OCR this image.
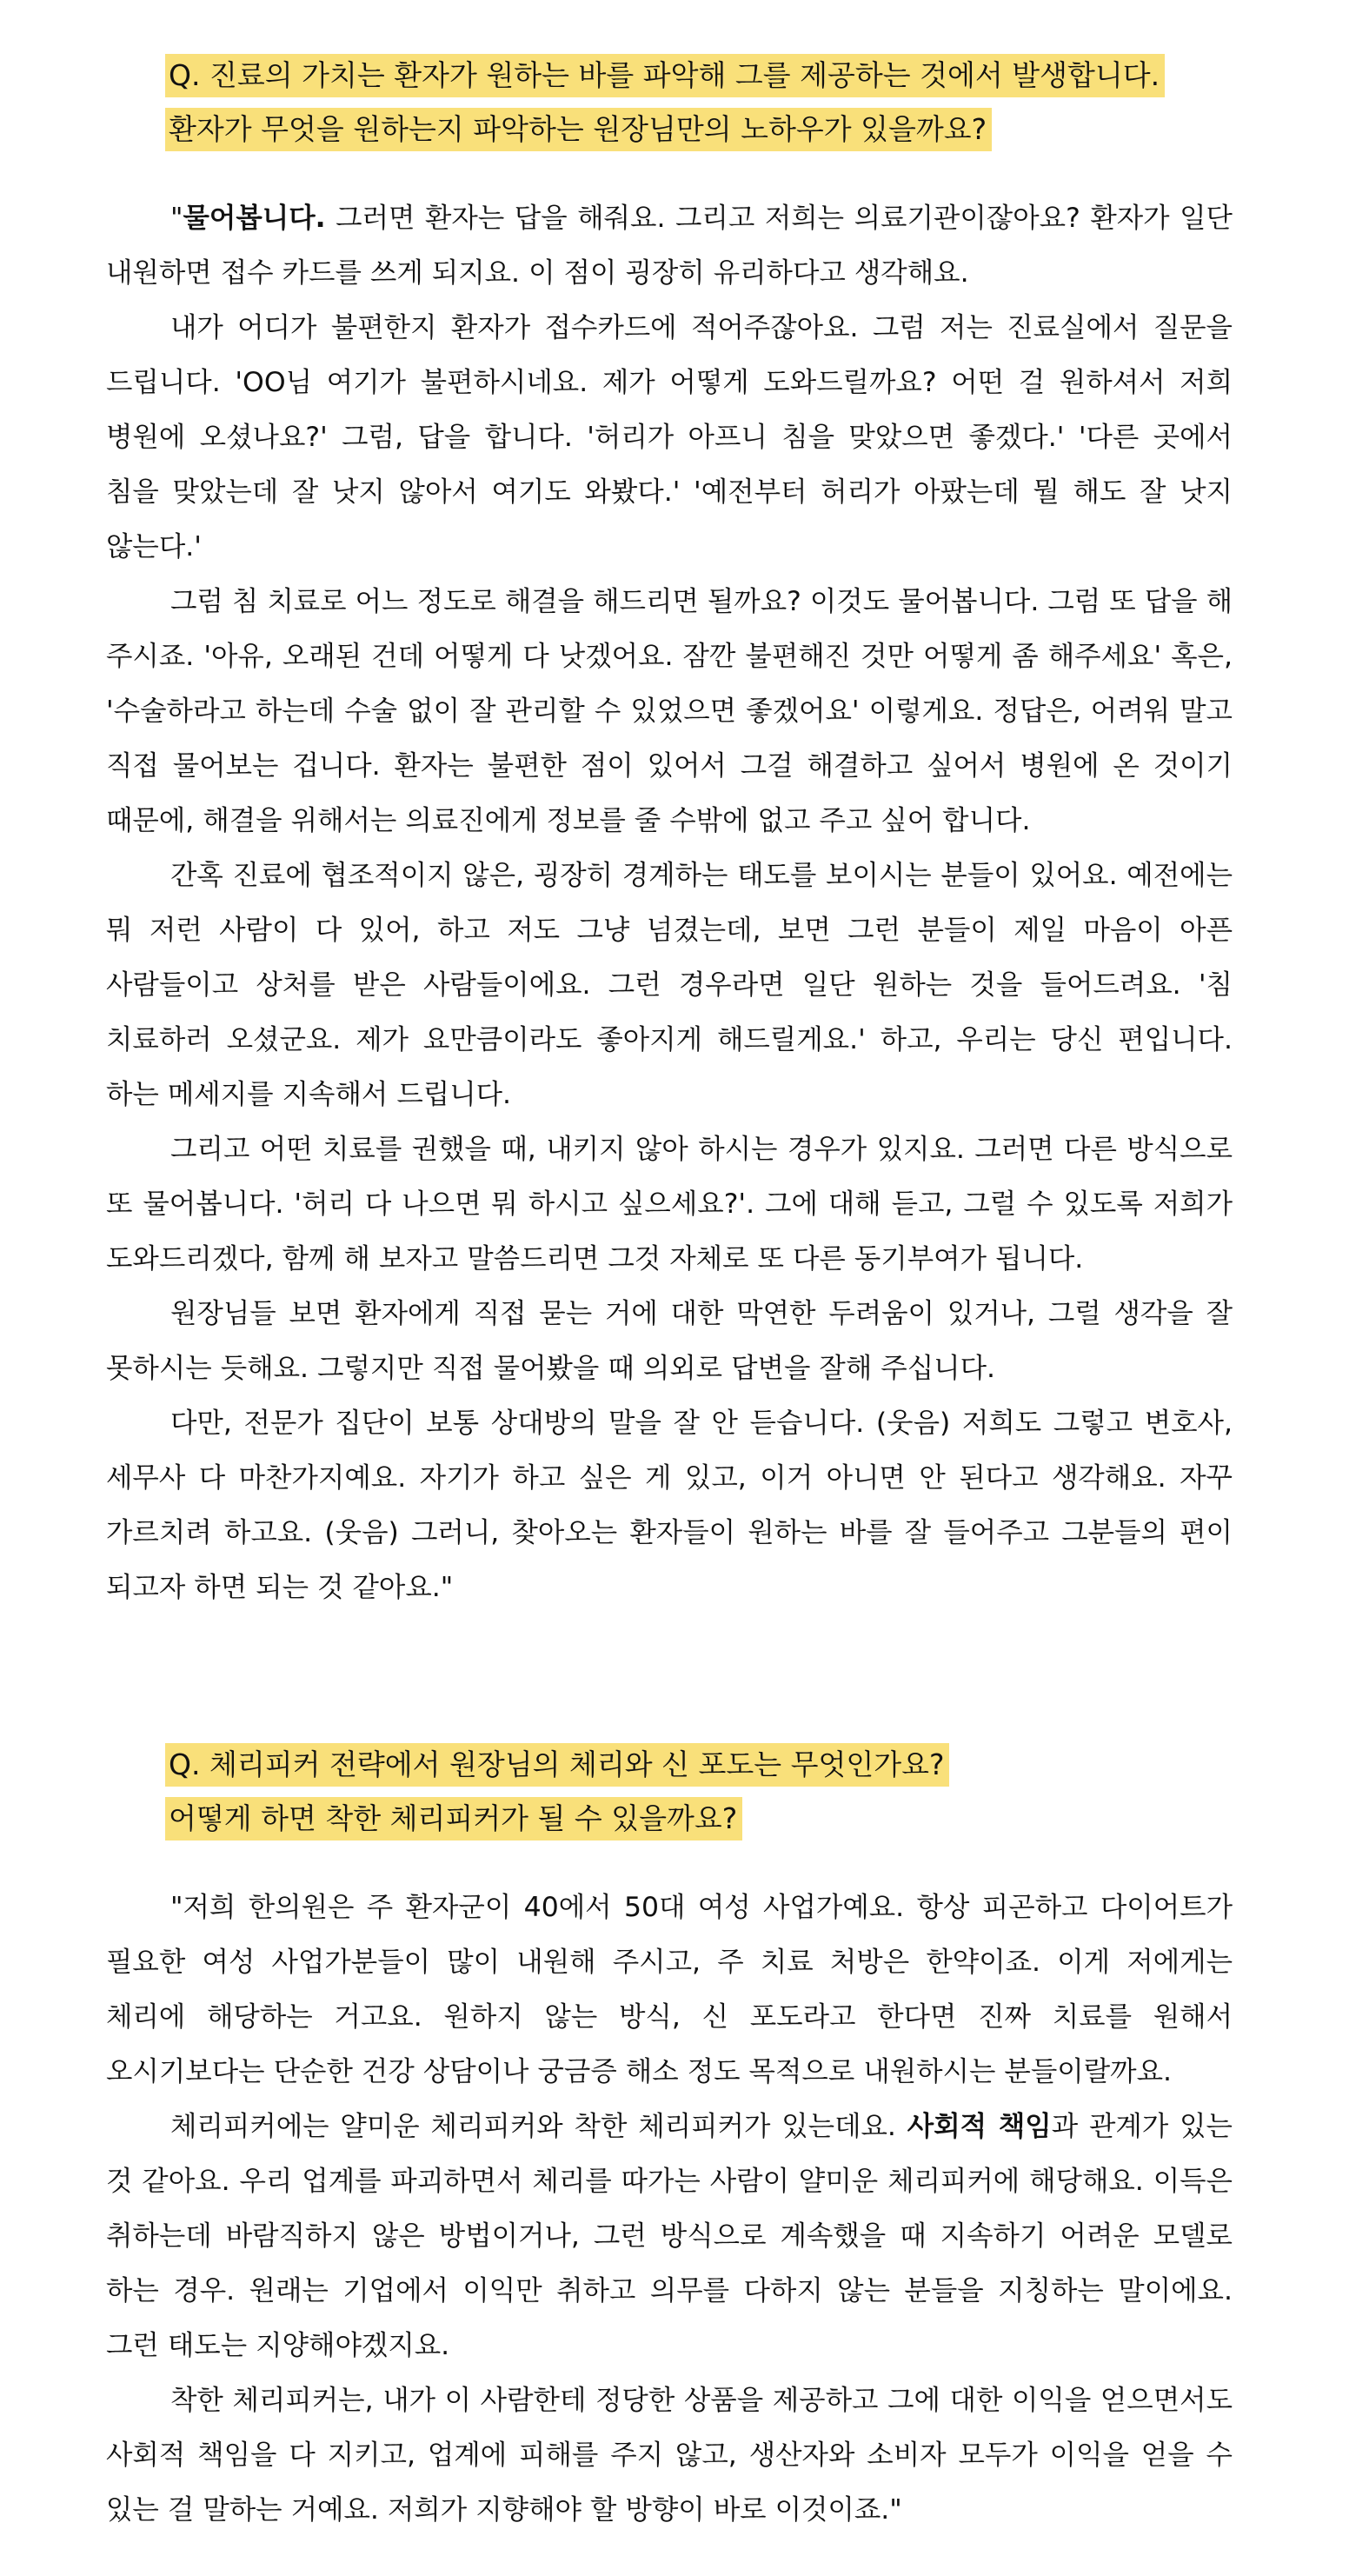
Q. 진료의 가치는 환자가 원하는 바를 파악해 그를 제공하는 것에서 발생합니다.
환자가 무엇을 원하는지 파악하는 원장님만의 노하우가 있을까요?

"물어봅니다. 그러면 환자는 답을 해줘요. 그리고 저희는 의료기관이잖아요? 환자가 일단 내원하면 접수 카드를 쓰게 되지요. 이 점이 굉장히 유리하다고 생각해요.

내가 어디가 불편한지 환자가 접수카드에 적어주잖아요. 그럼 저는 진료실에서 질문을 드립니다. 'OO님 여기가 불편하시네요. 제가 어떻게 도와드릴까요? 어떤 걸 원하셔서 저희 병원에 오셨나요?' 그럼, 답을 합니다. '허리가 아프니 침을 맞았으면 좋겠다.' '다른 곳에서 침을 맞았는데 잘 낫지 않아서 여기도 와봤다.' '예전부터 허리가 아팠는데 뭘 해도 잘 낫지 않는다.'

그럼 침 치료로 어느 정도로 해결을 해드리면 될까요? 이것도 물어봅니다. 그럼 또 답을 해 주시죠. '아유, 오래된 건데 어떻게 다 낫겠어요. 잠깐 불편해진 것만 어떻게 좀 해주세요' 혹은, '수술하라고 하는데 수술 없이 잘 관리할 수 있었으면 좋겠어요' 이렇게요. 정답은, 어려워 말고 직접 물어보는 겁니다. 환자는 불편한 점이 있어서 그걸 해결하고 싶어서 병원에 온 것이기 때문에, 해결을 위해서는 의료진에게 정보를 줄 수밖에 없고 주고 싶어 합니다.

간혹 진료에 협조적이지 않은, 굉장히 경계하는 태도를 보이시는 분들이 있어요. 예전에는 뭐 저런 사람이 다 있어, 하고 저도 그냥 넘겼는데, 보면 그런 분들이 제일 마음이 아픈 사람들이고 상처를 받은 사람들이에요. 그런 경우라면 일단 원하는 것을 들어드려요. '침 치료하러 오셨군요. 제가 요만큼이라도 좋아지게 해드릴게요.' 하고, 우리는 당신 편입니다. 하는 메세지를 지속해서 드립니다.

그리고 어떤 치료를 권했을 때, 내키지 않아 하시는 경우가 있지요. 그러면 다른 방식으로 또 물어봅니다. '허리 다 나으면 뭐 하시고 싶으세요?'. 그에 대해 듣고, 그럴 수 있도록 저희가 도와드리겠다, 함께 해 보자고 말씀드리면 그것 자체로 또 다른 동기부여가 됩니다.

원장님들 보면 환자에게 직접 묻는 거에 대한 막연한 두려움이 있거나, 그럴 생각을 잘 못하시는 듯해요. 그렇지만 직접 물어봤을 때 의외로 답변을 잘해 주십니다.

다만, 전문가 집단이 보통 상대방의 말을 잘 안 듣습니다. (웃음) 저희도 그렇고 변호사, 세무사 다 마찬가지예요. 자기가 하고 싶은 게 있고, 이거 아니면 안 된다고 생각해요. 자꾸 가르치려 하고요. (웃음) 그러니, 찾아오는 환자들이 원하는 바를 잘 들어주고 그분들의 편이 되고자 하면 되는 것 같아요."

Q. 체리피커 전략에서 원장님의 체리와 신 포도는 무엇인가요?
어떻게 하면 착한 체리피커가 될 수 있을까요?

"저희 한의원은 주 환자군이 40에서 50대 여성 사업가예요. 항상 피곤하고 다이어트가 필요한 여성 사업가분들이 많이 내원해 주시고, 주 치료 처방은 한약이죠. 이게 저에게는 체리에 해당하는 거고요. 원하지 않는 방식, 신 포도라고 한다면 진짜 치료를 원해서 오시기보다는 단순한 건강 상담이나 궁금증 해소 정도 목적으로 내원하시는 분들이랄까요.

체리피커에는 얄미운 체리피커와 착한 체리피커가 있는데요. 사회적 책임과 관계가 있는 것 같아요. 우리 업계를 파괴하면서 체리를 따가는 사람이 얄미운 체리피커에 해당해요. 이득은 취하는데 바람직하지 않은 방법이거나, 그런 방식으로 계속했을 때 지속하기 어려운 모델로 하는 경우. 원래는 기업에서 이익만 취하고 의무를 다하지 않는 분들을 지칭하는 말이에요. 그런 태도는 지양해야겠지요.

착한 체리피커는, 내가 이 사람한테 정당한 상품을 제공하고 그에 대한 이익을 얻으면서도 사회적 책임을 다 지키고, 업계에 피해를 주지 않고, 생산자와 소비자 모두가 이익을 얻을 수 있는 걸 말하는 거예요. 저희가 지향해야 할 방향이 바로 이것이죠."
